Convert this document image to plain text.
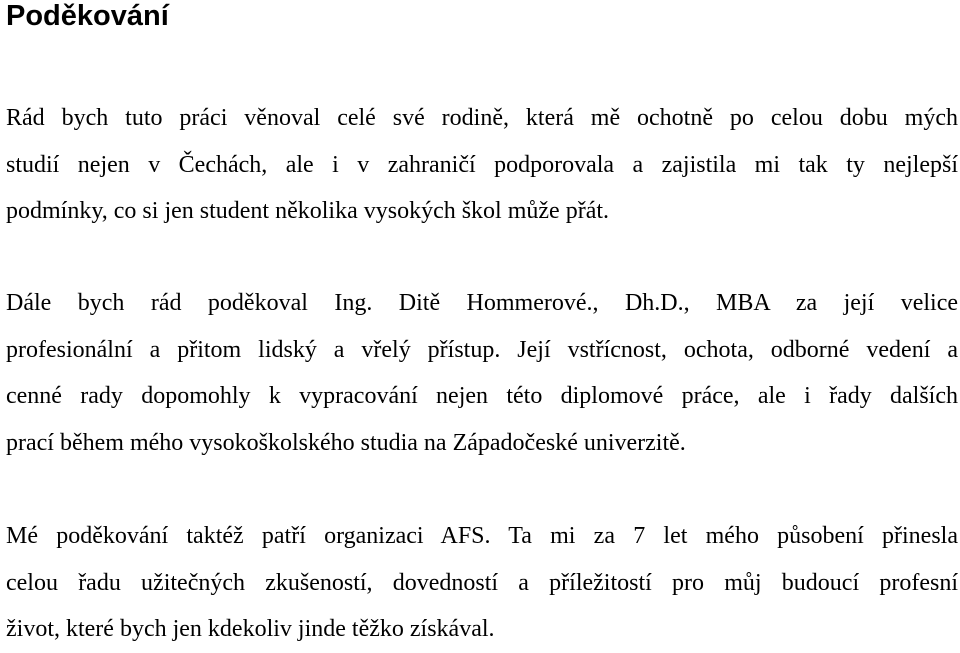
Poděkování

Rád bych tuto práci věnoval celé své rodině, která mě ochotně po celou dobu mých
studií nejen v Čechách, ale i v zahraničí podporovala a zajistila mi tak ty nejlepší
podmínky, co si jen student několika vysokých škol může přát.

Dále bych rád poděkoval Ing. Ditě Hommerové., Dh.D., MBA za její velice
profesionální a přitom lidský a vřelý přístup. Její vstřícnost, ochota, odborné vedení a
cenné rady dopomohly k vypracování nejen této diplomové práce, ale i řady dalších
prací během mého vysokoškolského studia na Západočeské univerzitě.

Mé poděkování taktéž patří organizaci AFS. Ta mi za 7 let mého působení přinesla
celou řadu užitečných zkušeností, dovedností a příležitostí pro můj budoucí profesní
život, které bych jen kdekoliv jinde těžko získával.
